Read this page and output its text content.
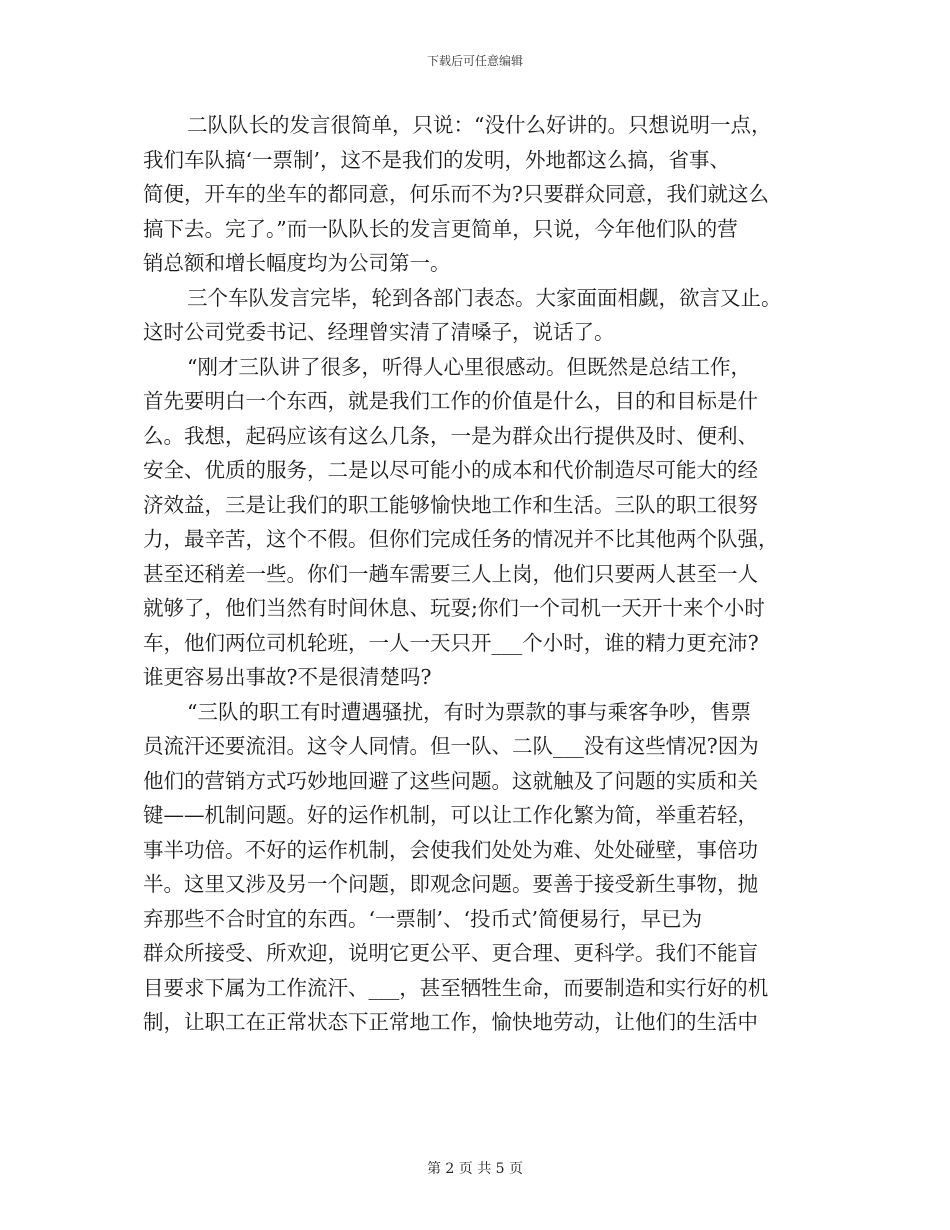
下载后可任意编辑
二队队长的发言很简单，只说：“没什么好讲的。只想说明一点，
我们车队搞‘一票制’，这不是我们的发明，外地都这么搞，省事、
简便，开车的坐车的都同意，何乐而不为?只要群众同意，我们就这么
搞下去。完了。”而一队队长的发言更简单，只说，今年他们队的营
销总额和增长幅度均为公司第一。
三个车队发言完毕，轮到各部门表态。大家面面相觑，欲言又止。
这时公司党委书记、经理曾实清了清嗓子，说话了。
“刚才三队讲了很多，听得人心里很感动。但既然是总结工作，
首先要明白一个东西，就是我们工作的价值是什么，目的和目标是什
么。我想，起码应该有这么几条，一是为群众出行提供及时、便利、
安全、优质的服务，二是以尽可能小的成本和代价制造尽可能大的经
济效益，三是让我们的职工能够愉快地工作和生活。三队的职工很努
力，最辛苦，这个不假。但你们完成任务的情况并不比其他两个队强，
甚至还稍差一些。你们一趟车需要三人上岗，他们只要两人甚至一人
就够了，他们当然有时间休息、玩耍;你们一个司机一天开十来个小时
车，他们两位司机轮班，一人一天只开___个小时，谁的精力更充沛?
谁更容易出事故?不是很清楚吗?
“三队的职工有时遭遇骚扰，有时为票款的事与乘客争吵，售票
员流汗还要流泪。这令人同情。但一队、二队___没有这些情况?因为
他们的营销方式巧妙地回避了这些问题。这就触及了问题的实质和关
键——机制问题。好的运作机制，可以让工作化繁为简，举重若轻，
事半功倍。不好的运作机制，会使我们处处为难、处处碰壁，事倍功
半。这里又涉及另一个问题，即观念问题。要善于接受新生事物，抛
弃那些不合时宜的东西。‘一票制’、‘投币式’简便易行，早已为
群众所接受、所欢迎，说明它更公平、更合理、更科学。我们不能盲
目要求下属为工作流汗、___，甚至牺牲生命，而要制造和实行好的机
制，让职工在正常状态下正常地工作，愉快地劳动，让他们的生活中
第 2 页 共 5 页
